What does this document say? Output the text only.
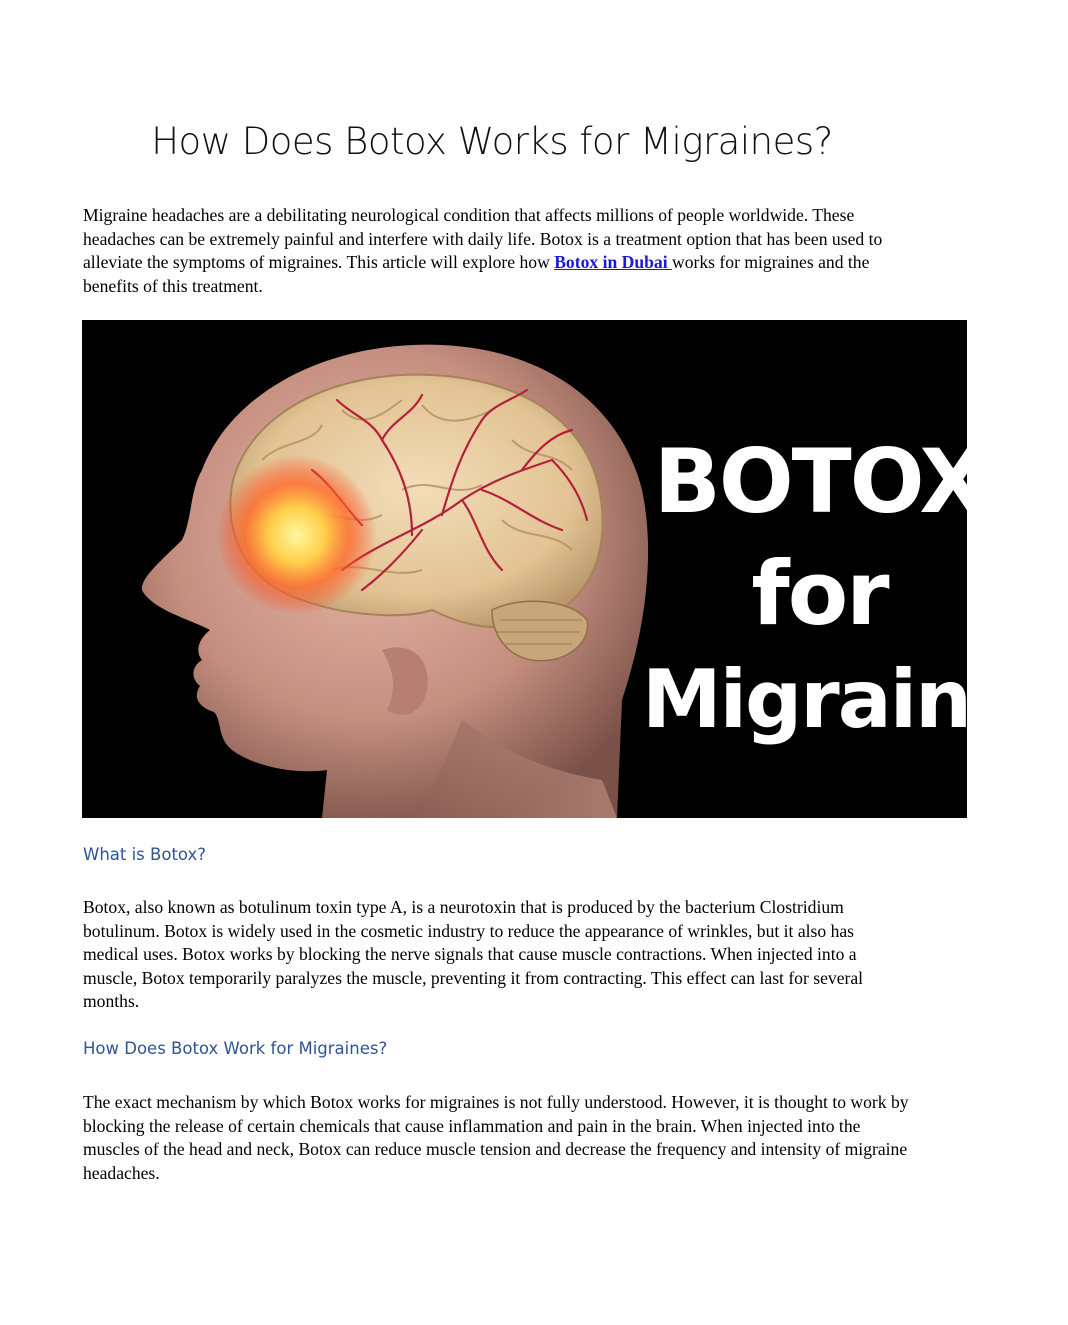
How Does Botox Works for Migraines?

Migraine headaches are a debilitating neurological condition that affects millions of people worldwide. These headaches can be extremely painful and interfere with daily life. Botox is a treatment option that has been used to alleviate the symptoms of migraines. This article will explore how Botox in Dubai works for migraines and the benefits of this treatment.

BOTOX
for
Migraines
What is Botox?

Botox, also known as botulinum toxin type A, is a neurotoxin that is produced by the bacterium Clostridium botulinum. Botox is widely used in the cosmetic industry to reduce the appearance of wrinkles, but it also has medical uses. Botox works by blocking the nerve signals that cause muscle contractions. When injected into a muscle, Botox temporarily paralyzes the muscle, preventing it from contracting. This effect can last for several months.

How Does Botox Work for Migraines?

The exact mechanism by which Botox works for migraines is not fully understood. However, it is thought to work by blocking the release of certain chemicals that cause inflammation and pain in the brain. When injected into the muscles of the head and neck, Botox can reduce muscle tension and decrease the frequency and intensity of migraine headaches.
